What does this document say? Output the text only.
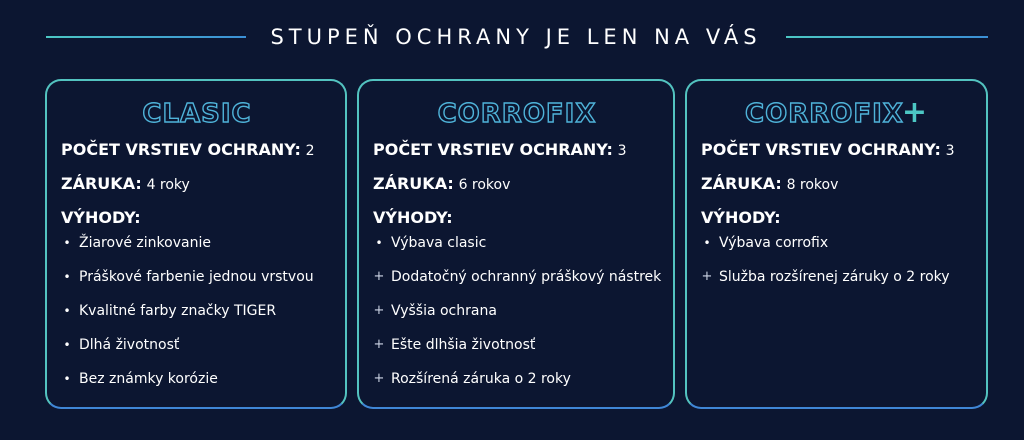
STUPEŇ OCHRANY JE LEN NA VÁS
CLASIC
POČET VRSTIEV OCHRANY: 2
ZÁRUKA: 4 roky
VÝHODY:
• Žiarové zinkovanie
• Práškové farbenie jednou vrstvou
• Kvalitné farby značky TIGER
• Dlhá životnosť
• Bez známky korózie
CORROFIX
POČET VRSTIEV OCHRANY: 3
ZÁRUKA: 6 rokov
VÝHODY:
• Výbava clasic
+ Dodatočný ochranný práškový nástrek
+ Vyššia ochrana
+ Ešte dlhšia životnosť
+ Rozšírená záruka o 2 roky
CORROFIX+
POČET VRSTIEV OCHRANY: 3
ZÁRUKA: 8 rokov
VÝHODY:
• Výbava corrofix
+ Služba rozšírenej záruky o 2 roky
